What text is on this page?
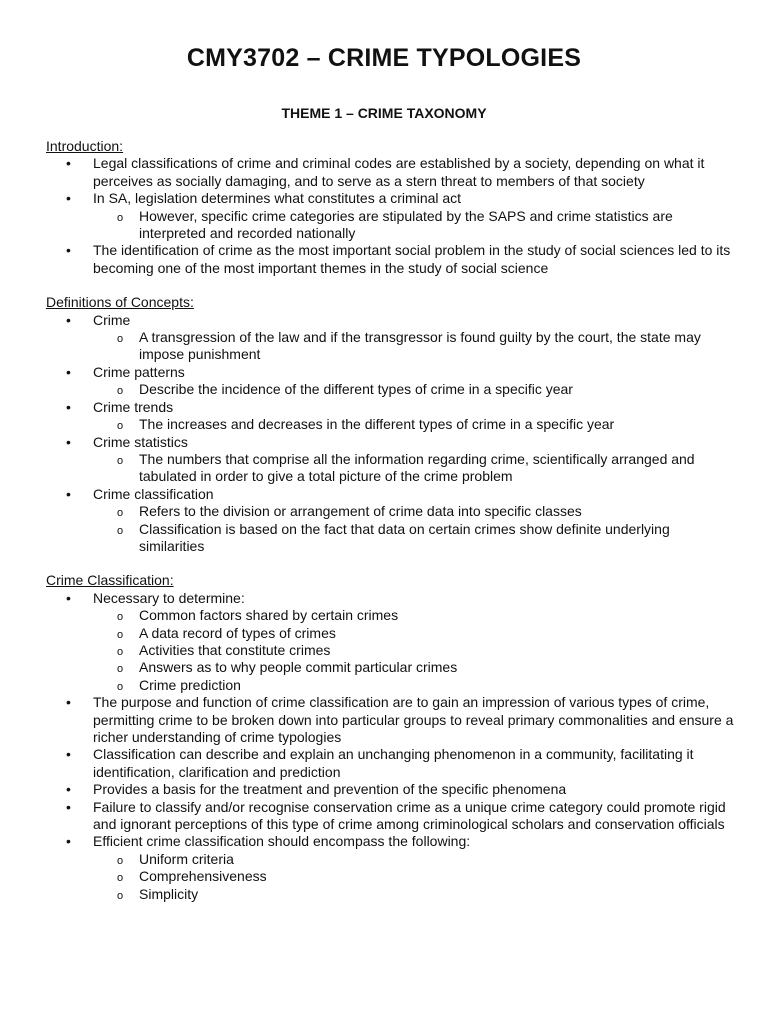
CMY3702 – CRIME TYPOLOGIES
THEME 1 – CRIME TAXONOMY

Introduction:

• Legal classifications of crime and criminal codes are established by a society, depending on what it perceives as socially damaging, and to serve as a stern threat to members of that society
• In SA, legislation determines what constitutes a criminal act
o However, specific crime categories are stipulated by the SAPS and crime statistics are interpreted and recorded nationally
• The identification of crime as the most important social problem in the study of social sciences led to its becoming one of the most important themes in the study of social science

Definitions of Concepts:

• Crime
o A transgression of the law and if the transgressor is found guilty by the court, the state may impose punishment
• Crime patterns
o Describe the incidence of the different types of crime in a specific year
• Crime trends
o The increases and decreases in the different types of crime in a specific year
• Crime statistics
o The numbers that comprise all the information regarding crime, scientifically arranged and tabulated in order to give a total picture of the crime problem
• Crime classification
o Refers to the division or arrangement of crime data into specific classes
o Classification is based on the fact that data on certain crimes show definite underlying similarities

Crime Classification:

• Necessary to determine:
o Common factors shared by certain crimes
o A data record of types of crimes
o Activities that constitute crimes
o Answers as to why people commit particular crimes
o Crime prediction
• The purpose and function of crime classification are to gain an impression of various types of crime, permitting crime to be broken down into particular groups to reveal primary commonalities and ensure a richer understanding of crime typologies
• Classification can describe and explain an unchanging phenomenon in a community, facilitating it identification, clarification and prediction
• Provides a basis for the treatment and prevention of the specific phenomena
• Failure to classify and/or recognise conservation crime as a unique crime category could promote rigid and ignorant perceptions of this type of crime among criminological scholars and conservation officials
• Efficient crime classification should encompass the following:
o Uniform criteria
o Comprehensiveness
o Simplicity
